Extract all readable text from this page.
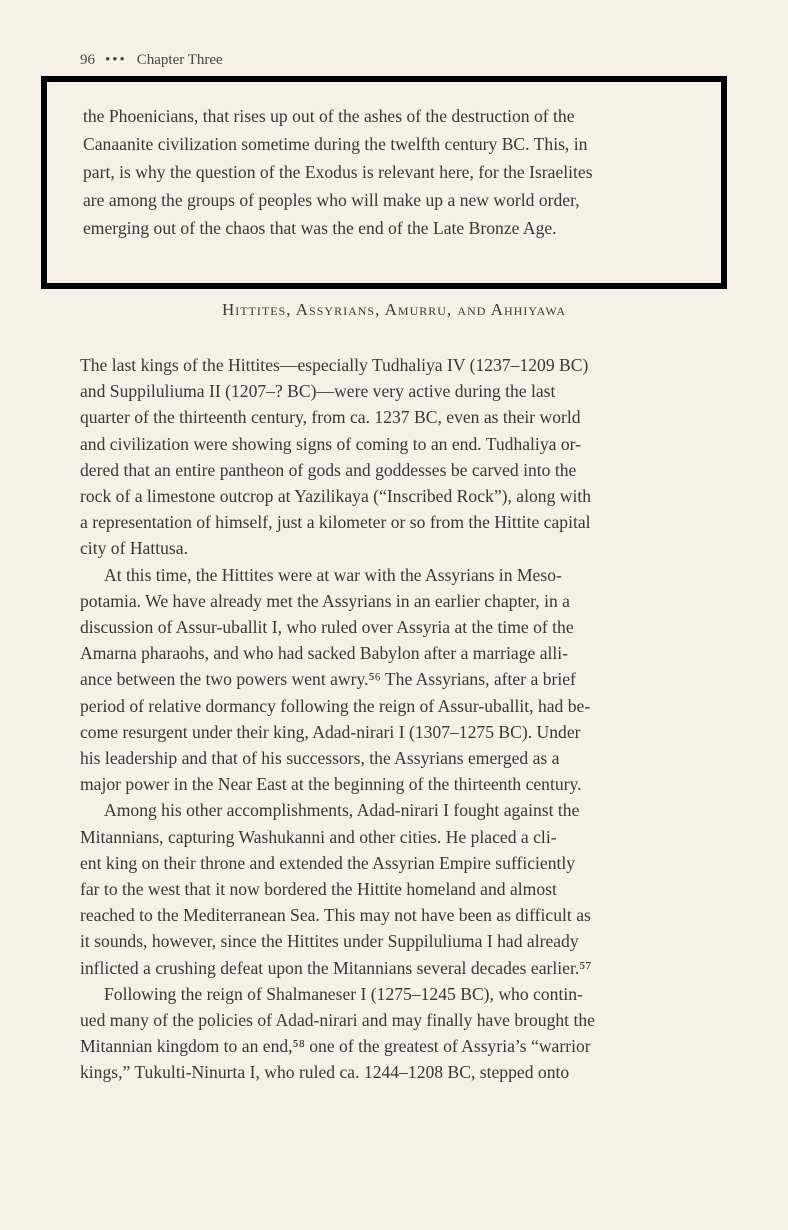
96 ••• Chapter Three
the Phoenicians, that rises up out of the ashes of the destruction of the
Canaanite civilization sometime during the twelfth century BC. This, in
part, is why the question of the Exodus is relevant here, for the Israelites
are among the groups of peoples who will make up a new world order,
emerging out of the chaos that was the end of the Late Bronze Age.
Hittites, Assyrians, Amurru, and Ahhiyawa

The last kings of the Hittites—especially Tudhaliya IV (1237–1209 BC)
and Suppiluliuma II (1207–? BC)—were very active during the last
quarter of the thirteenth century, from ca. 1237 BC, even as their world
and civilization were showing signs of coming to an end. Tudhaliya or-
dered that an entire pantheon of gods and goddesses be carved into the
rock of a limestone outcrop at Yazilikaya (“Inscribed Rock”), along with
a representation of himself, just a kilometer or so from the Hittite capital
city of Hattusa.

At this time, the Hittites were at war with the Assyrians in Meso-
potamia. We have already met the Assyrians in an earlier chapter, in a
discussion of Assur-uballit I, who ruled over Assyria at the time of the
Amarna pharaohs, and who had sacked Babylon after a marriage alli-
ance between the two powers went awry.⁵⁶ The Assyrians, after a brief
period of relative dormancy following the reign of Assur-uballit, had be-
come resurgent under their king, Adad-nirari I (1307–1275 BC). Under
his leadership and that of his successors, the Assyrians emerged as a
major power in the Near East at the beginning of the thirteenth century.

Among his other accomplishments, Adad-nirari I fought against the
Mitannians, capturing Washukanni and other cities. He placed a cli-
ent king on their throne and extended the Assyrian Empire sufficiently
far to the west that it now bordered the Hittite homeland and almost
reached to the Mediterranean Sea. This may not have been as difficult as
it sounds, however, since the Hittites under Suppiluliuma I had already
inflicted a crushing defeat upon the Mitannians several decades earlier.⁵⁷

Following the reign of Shalmaneser I (1275–1245 BC), who contin-
ued many of the policies of Adad-nirari and may finally have brought the
Mitannian kingdom to an end,⁵⁸ one of the greatest of Assyria’s “warrior
kings,” Tukulti-Ninurta I, who ruled ca. 1244–1208 BC, stepped onto
